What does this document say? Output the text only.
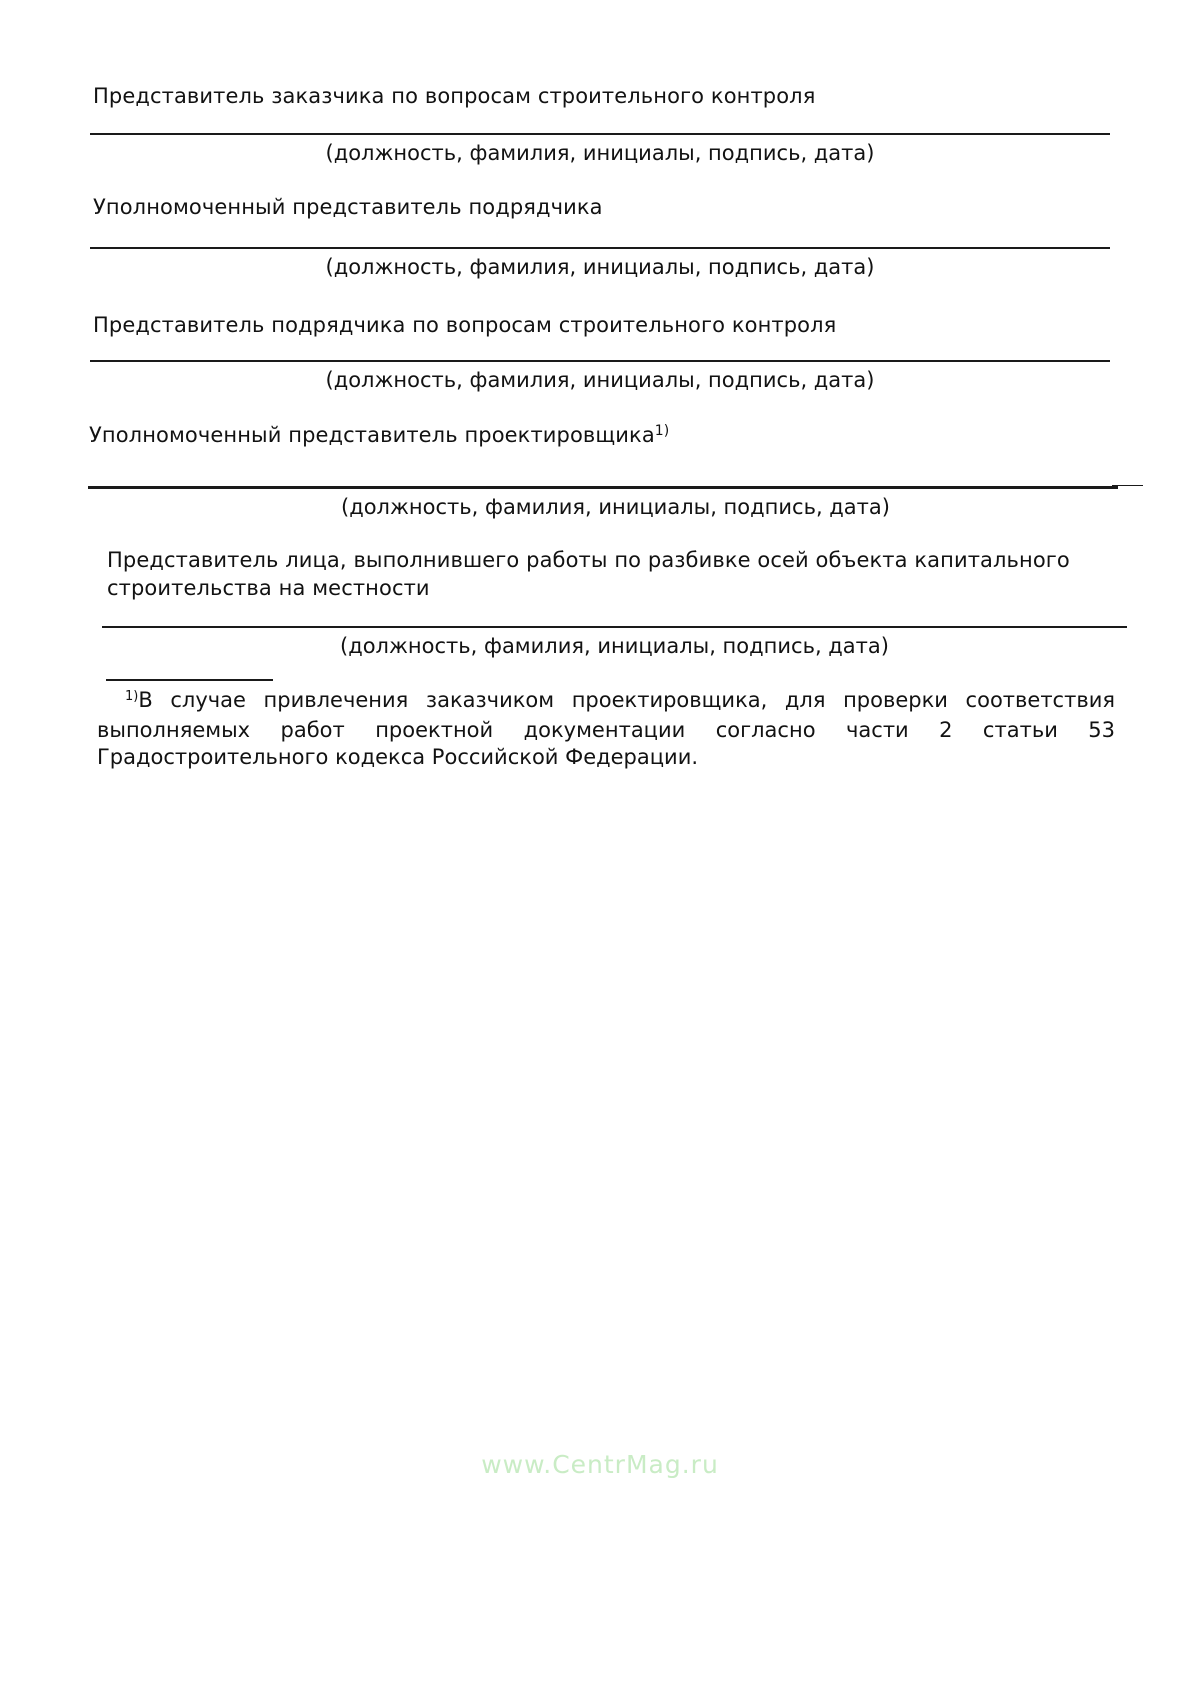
Представитель заказчика по вопросам строительного контроля
(должность, фамилия, инициалы, подпись, дата)
Уполномоченный представитель подрядчика
(должность, фамилия, инициалы, подпись, дата)
Представитель подрядчика по вопросам строительного контроля
(должность, фамилия, инициалы, подпись, дата)
Уполномоченный представитель проектировщика$^{1)}$
(должность, фамилия, инициалы, подпись, дата)
Представитель лица, выполнившего работы по разбивке осей объекта капитального
строительства на местности
(должность, фамилия, инициалы, подпись, дата)
$^{1)}$В случае привлечения заказчиком проектировщика, для проверки соответствия
выполняемых работ проектной документации согласно части 2 статьи 53
Градостроительного кодекса Российской Федерации.
www.CentrMag.ru
